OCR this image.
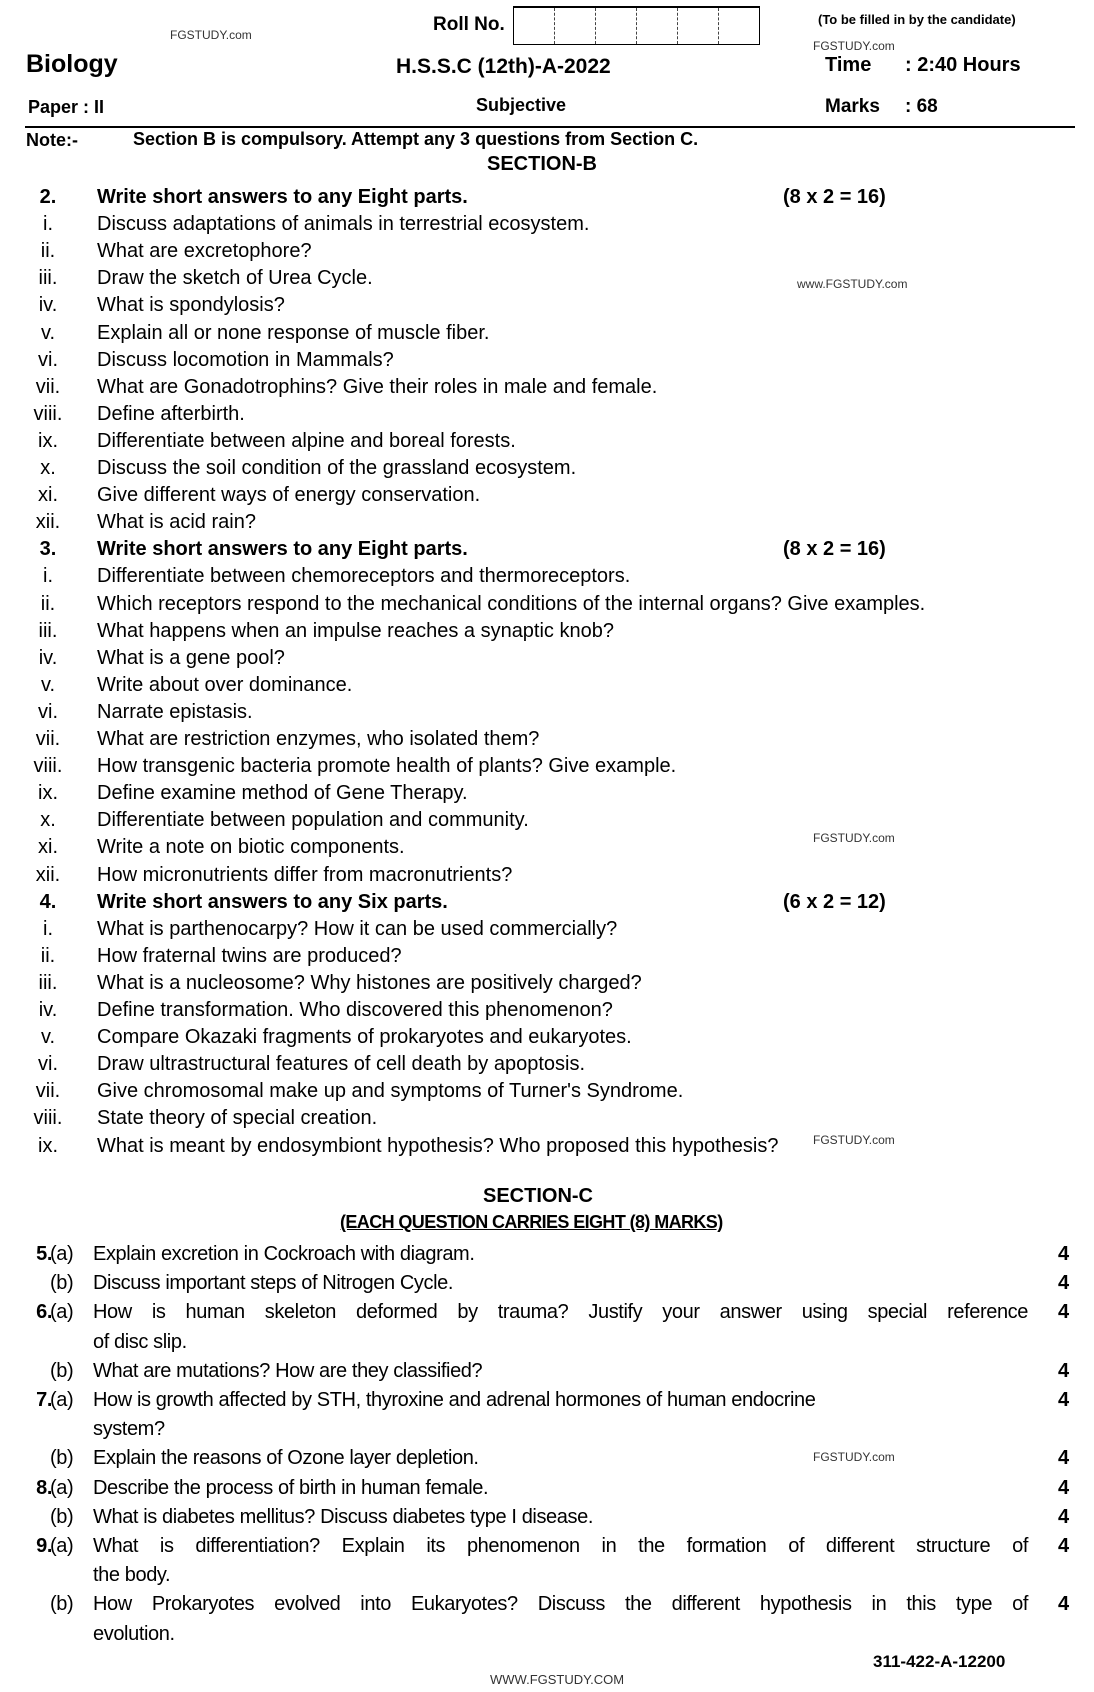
Roll No.	(To be filled in by the candidate)
Biology	H.S.S.C (12th)-A-2022	Time : 2:40 Hours
Paper : II	Subjective	Marks : 68
Note:-	Section B is compulsory. Attempt any 3 questions from Section C.
FGSTUDY.com
FGSTUDY.com
www.FGSTUDY.com
FGSTUDY.com
FGSTUDY.com
FGSTUDY.com
WWW.FGSTUDY.COM
SECTION-B
2.	Write short answers to any Eight parts.	(8 x 2 = 16)
i.	Discuss adaptations of animals in terrestrial ecosystem.
ii.	What are excretophore?
iii.	Draw the sketch of Urea Cycle.
iv.	What is spondylosis?
v.	Explain all or none response of muscle fiber.
vi.	Discuss locomotion in Mammals?
vii.	What are Gonadotrophins? Give their roles in male and female.
viii.	Define afterbirth.
ix.	Differentiate between alpine and boreal forests.
x.	Discuss the soil condition of the grassland ecosystem.
xi.	Give different ways of energy conservation.
xii.	What is acid rain?
3.	Write short answers to any Eight parts.	(8 x 2 = 16)
i.	Differentiate between chemoreceptors and thermoreceptors.
ii.	Which receptors respond to the mechanical conditions of the internal organs? Give examples.
iii.	What happens when an impulse reaches a synaptic knob?
iv.	What is a gene pool?
v.	Write about over dominance.
vi.	Narrate epistasis.
vii.	What are restriction enzymes, who isolated them?
viii.	How transgenic bacteria promote health of plants? Give example.
ix.	Define examine method of Gene Therapy.
x.	Differentiate between population and community.
xi.	Write a note on biotic components.
xii.	How micronutrients differ from macronutrients?
4.	Write short answers to any Six parts.	(6 x 2 = 12)
i.	What is parthenocarpy? How it can be used commercially?
ii.	How fraternal twins are produced?
iii.	What is a nucleosome? Why histones are positively charged?
iv.	Define transformation. Who discovered this phenomenon?
v.	Compare Okazaki fragments of prokaryotes and eukaryotes.
vi.	Draw ultrastructural features of cell death by apoptosis.
vii.	Give chromosomal make up and symptoms of Turner's Syndrome.
viii.	State theory of special creation.
ix.	What is meant by endosymbiont hypothesis? Who proposed this hypothesis?
SECTION-C
(EACH QUESTION CARRIES EIGHT (8) MARKS)
5.
(a) Explain excretion in Cockroach with diagram.	4
(b) Discuss important steps of Nitrogen Cycle.	4
6.
(a) How is human skeleton deformed by trauma? Justify your answer using special reference 4
of disc slip.
(b) What are mutations? How are they classified?	4
7.
(a) How is growth affected by STH, thyroxine and adrenal hormones of human endocrine	4
system?
(b) Explain the reasons of Ozone layer depletion.	4
8.
(a) Describe the process of birth in human female.	4
(b) What is diabetes mellitus? Discuss diabetes type I disease.	4
9.
(a) What is differentiation? Explain its phenomenon in the formation of different structure of 4
the body.
(b) How Prokaryotes evolved into Eukaryotes? Discuss the different hypothesis in this type of 4
evolution.
311-422-A-12200
